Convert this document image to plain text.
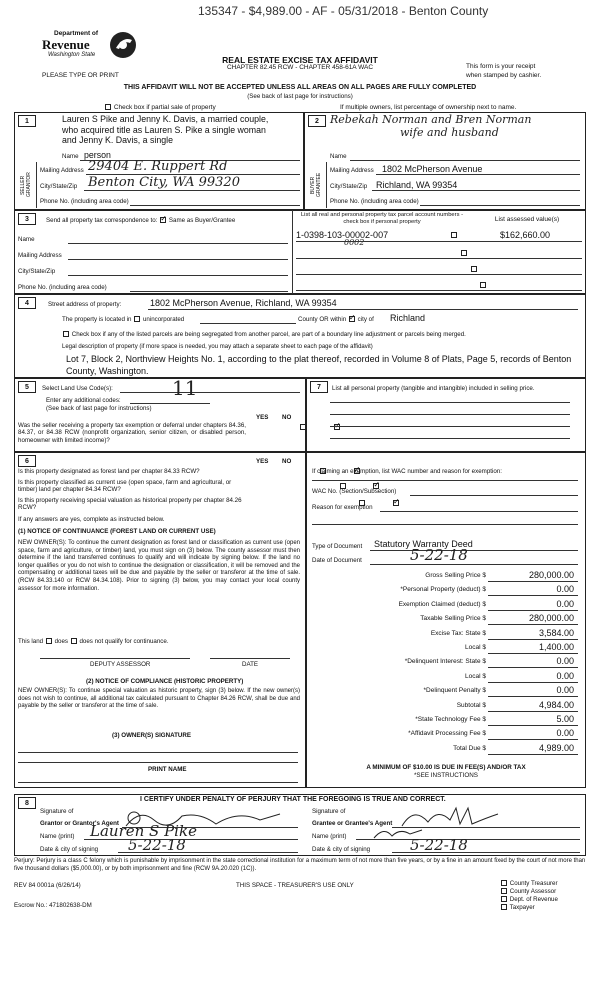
135347 - $4,989.00 - AF - 05/31/2018 - Benton County
Department of
Revenue
Washington State
PLEASE TYPE OR PRINT
REAL ESTATE EXCISE TAX AFFIDAVIT
CHAPTER 82.45 RCW - CHAPTER 458-61A WAC	This form is your receipt
when stamped by cashier.
THIS AFFIDAVIT WILL NOT BE ACCEPTED UNLESS ALL AREAS ON ALL PAGES ARE FULLY COMPLETED
(See back of last page for instructions)
Check box if partial sale of property	If multiple owners, list percentage of ownership next to name.
1	2
Lauren S Pike and Jenny K. Davis, a married couple, who acquired title as Lauren S. Pike a single woman and Jenny K. Davis, a single
Name person
SELLER GRANTOR
Mailing Address 29404 E. Ruppert Rd
City/State/Zip Benton City, WA 99320
Phone No. (including area code)
Rebekah Norman and Bren Norman
wife and husband
Name
BUYER GRANTEE
Mailing Address 1802 McPherson Avenue
City/State/Zip Richland, WA 99354
Phone No. (including area code)
3	Send all property tax correspondence to: ✓ Same as Buyer/Grantee
Name
Mailing Address
City/State/Zip
Phone No. (including area code)
List all real and personal property tax parcel account numbers - check box if personal property	List assessed value(s)
1-0398-103-00002-007
0002

$162,660.00

4	Street address of property:	1802 McPherson Avenue, Richland, WA 99354
The property is located in unincorporated	County OR within ✓ city of Richland
Check box if any of the listed parcels are being segregated from another parcel, are part of a boundary line adjustment or parcels being merged.
Legal description of property (if more space is needed, you may attach a separate sheet to each page of the affidavit)
Lot 7, Block 2, Northview Heights No. 1, according to the plat thereof, recorded in Volume 8 of Plats, Page 5, records of Benton County, Washington.
5	Select Land Use Code(s):	11
Enter any additional codes:
(See back of last page for instructions)
YES NO
Was the seller receiving a property tax exemption or deferral under chapters 84.36, 84.37, or 84.38 RCW (nonprofit organization, senior citizen, or disabled person, homeowner with limited income)?
✓
7	List all personal property (tangible and intangible) included in selling price.
6	YES NO
Is this property designated as forest land per chapter 84.33 RCW?
✓
Is this property classified as current use (open space, farm and agricultural, or timber) land per chapter 84.34 RCW?
✓
Is this property receiving special valuation as historical property per chapter 84.26 RCW?
✓
If any answers are yes, complete as instructed below.
(1) NOTICE OF CONTINUANCE (FOREST LAND OR CURRENT USE)
NEW OWNER(S): To continue the current designation as forest land or classification as current use (open space, farm and agriculture, or timber) land, you must sign on (3) below. The county assessor must then determine if the land transferred continues to qualify and will indicate by signing below. If the land no longer qualifies or you do not wish to continue the designation or classification, it will be removed and the compensating or additional taxes will be due and payable by the seller or transferor at the time of sale. (RCW 84.33.140 or RCW 84.34.108). Prior to signing (3) below, you may contact your local county assessor for more information.
This land does does not qualify for continuance.
DEPUTY ASSESSOR	DATE
(2) NOTICE OF COMPLIANCE (HISTORIC PROPERTY)
NEW OWNER(S): To continue special valuation as historic property, sign (3) below. If the new owner(s) does not wish to continue, all additional tax calculated pursuant to Chapter 84.26 RCW, shall be due and payable by the seller or transferor at the time of sale.
(3) OWNER(S) SIGNATURE
PRINT NAME
If claiming an exemption, list WAC number and reason for exemption:
WAC No. (Section/Subsection)
Reason for exemption
Type of Document Statutory Warranty Deed
Date of Document	5-22-18
Gross Selling Price $	280,000.00
*Personal Property (deduct) $	0.00
Exemption Claimed (deduct) $	0.00
Taxable Selling Price $	280,000.00
Excise Tax: State $	3,584.00
Local $	1,400.00
*Delinquent Interest: State $	0.00
Local $	0.00
*Delinquent Penalty $	0.00
Subtotal $	4,984.00
*State Technology Fee $	5.00
*Affidavit Processing Fee $	0.00
Total Due $	4,989.00
A MINIMUM OF $10.00 IS DUE IN FEE(S) AND/OR TAX
*SEE INSTRUCTIONS
8
I CERTIFY UNDER PENALTY OF PERJURY THAT THE FOREGOING IS TRUE AND CORRECT.
Signature of
Grantor or Grantor's Agent
Name (print) Lauren S Pike
Date & city of signing 5-22-18
Signature of
Grantee or Grantee's Agent
Name (print)
Date & city of signing	5-22-18
Perjury: Perjury is a class C felony which is punishable by imprisonment in the state correctional institution for a maximum term of not more than five years, or by a fine in an amount fixed by the court of not more than five thousand dollars ($5,000.00), or by both imprisonment and fine (RCW 9A.20.020 (1C)).
REV 84 0001a (6/26/14)	THIS SPACE - TREASURER'S USE ONLY
Escrow No.: 471802638-DM
County Treasurer
County Assessor
Dept. of Revenue
Taxpayer
